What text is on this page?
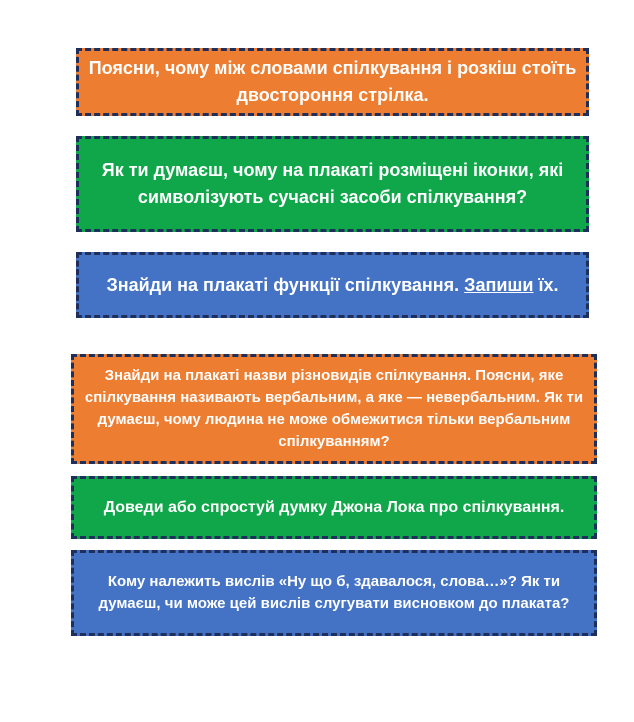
Поясни, чому між словами спілкування і розкіш стоїть двостороння стрілка.
Як ти думаєш, чому на плакаті розміщені іконки, які символізують сучасні засоби спілкування?
Знайди на плакаті функції спілкування. Запиши їх.
Знайди на плакаті назви різновидів спілкування. Поясни, яке спілкування називають вербальним, а яке — невербальним. Як ти думаєш, чому людина не може обмежитися тільки вербальним спілкуванням?
Доведи або спростуй думку Джона Лока про спілкування.
Кому належить вислів «Ну що б, здавалося, слова…»? Як ти думаєш, чи може цей вислів слугувати висновком до плаката?
